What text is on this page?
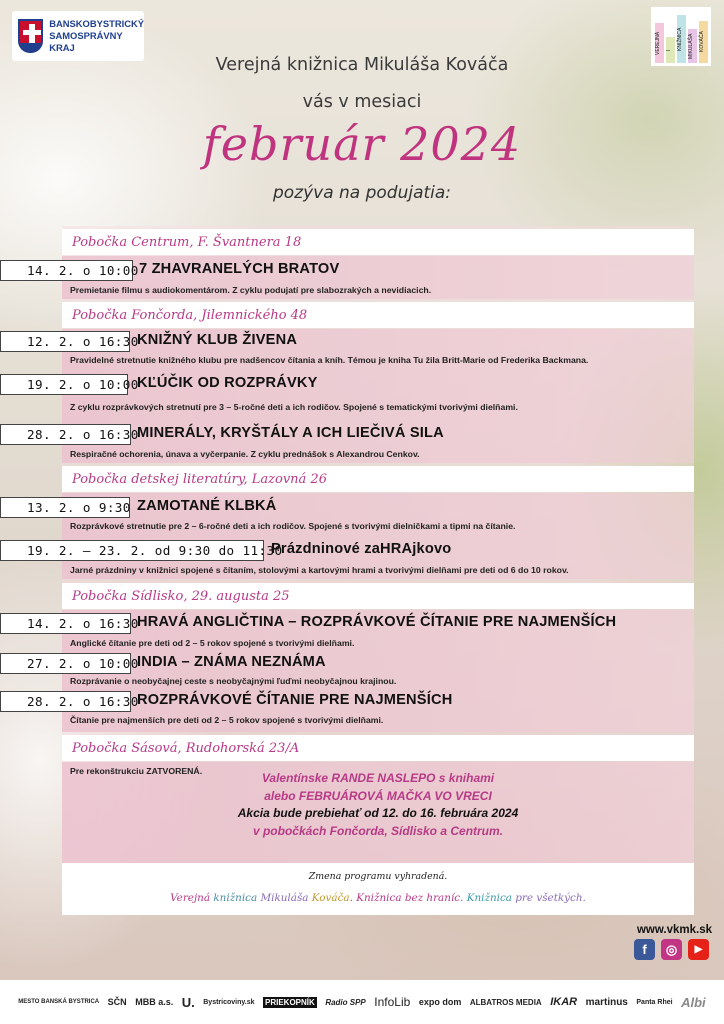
BANSKOBYSTRICKÝ
SAMOSPRÁVNY KRAJ	VEREJNÁ	I	KNIŽNICA	MIKULÁŠA	KOVÁČA
Verejná knižnica Mikuláša Kováča
vás v mesiaci
február 2024
pozýva na podujatia:
Pobočka Centrum, F. Švantnera 18
14. 2. o 10:00 7 ZHAVRANELÝCH BRATOV
Premietanie filmu s audiokomentárom. Z cyklu podujatí pre slabozrakých a nevidiacich.
Pobočka Fončorda, Jilemnického 48
12. 2. o 16:30
KNIŽNÝ KLUB ŽIVENA
Pravidelné stretnutie knižného klubu pre nadšencov čítania a kníh. Témou je kniha Tu žila Britt-Marie od Frederika Backmana.
19. 2. o 10:00
KĽÚČIK OD ROZPRÁVKY
Z cyklu rozprávkových stretnutí pre 3 – 5-ročné deti a ich rodičov. Spojené s tematickými tvorivými dielňami.
28. 2. o 16:30
MINERÁLY, KRYŠTÁLY A ICH LIEČIVÁ SILA
Respiračné ochorenia, únava a vyčerpanie. Z cyklu prednášok s Alexandrou Cenkov.
Pobočka detskej literatúry, Lazovná 26
13. 2. o 9:30 ZAMOTANÉ KLBKÁ
Rozprávkové stretnutie pre 2 – 6-ročné deti a ich rodičov. Spojené s tvorivými dielničkami a tipmi na čítanie.
19. 2. – 23. 2. od 9:30 do 11:30
Prázdninové zaHRAjkovo
Jarné prázdniny v knižnici spojené s čítaním, stolovými a kartovými hrami a tvorivými dielňami pre deti od 6 do 10 rokov.
Pobočka Sídlisko, 29. augusta 25
14. 2. o 16:30
HRAVÁ ANGLIČTINA – ROZPRÁVKOVÉ ČÍTANIE PRE NAJMENŠÍCH
Anglické čítanie pre deti od 2 – 5 rokov spojené s tvorivými dielňami.
27. 2. o 10:00
INDIA – ZNÁMA NEZNÁMA
Rozprávanie o neobyčajnej ceste s neobyčajnými ľuďmi neobyčajnou krajinou.
28. 2. o 16:30
ROZPRÁVKOVÉ ČÍTANIE PRE NAJMENŠÍCH
Čítanie pre najmenších pre deti od 2 – 5 rokov spojené s tvorivými dielňami.
Pobočka Sásová, Rudohorská 23/A
Pre rekonštrukciu ZATVORENÁ.	Valentínske RANDE NASLEPO s knihami
alebo FEBRUÁROVÁ MAČKA VO VRECI
Akcia bude prebiehať od 12. do 16. februára 2024
v pobočkách Fončorda, Sídlisko a Centrum.
Zmena programu vyhradená.
Verejná knižnica Mikuláša Kováča. Knižnica bez hraníc. Knižnica pre všetkých.
www.vkmk.sk
f	◎	▶
MESTO BANSKÁ BYSTRICA SČN MBB a.s. U. Bystricoviny.sk PRIEKOPNÍK Radio SPP InfoLib expo dom ALBATROS MEDIA IKAR martinus Panta Rhei Albi
